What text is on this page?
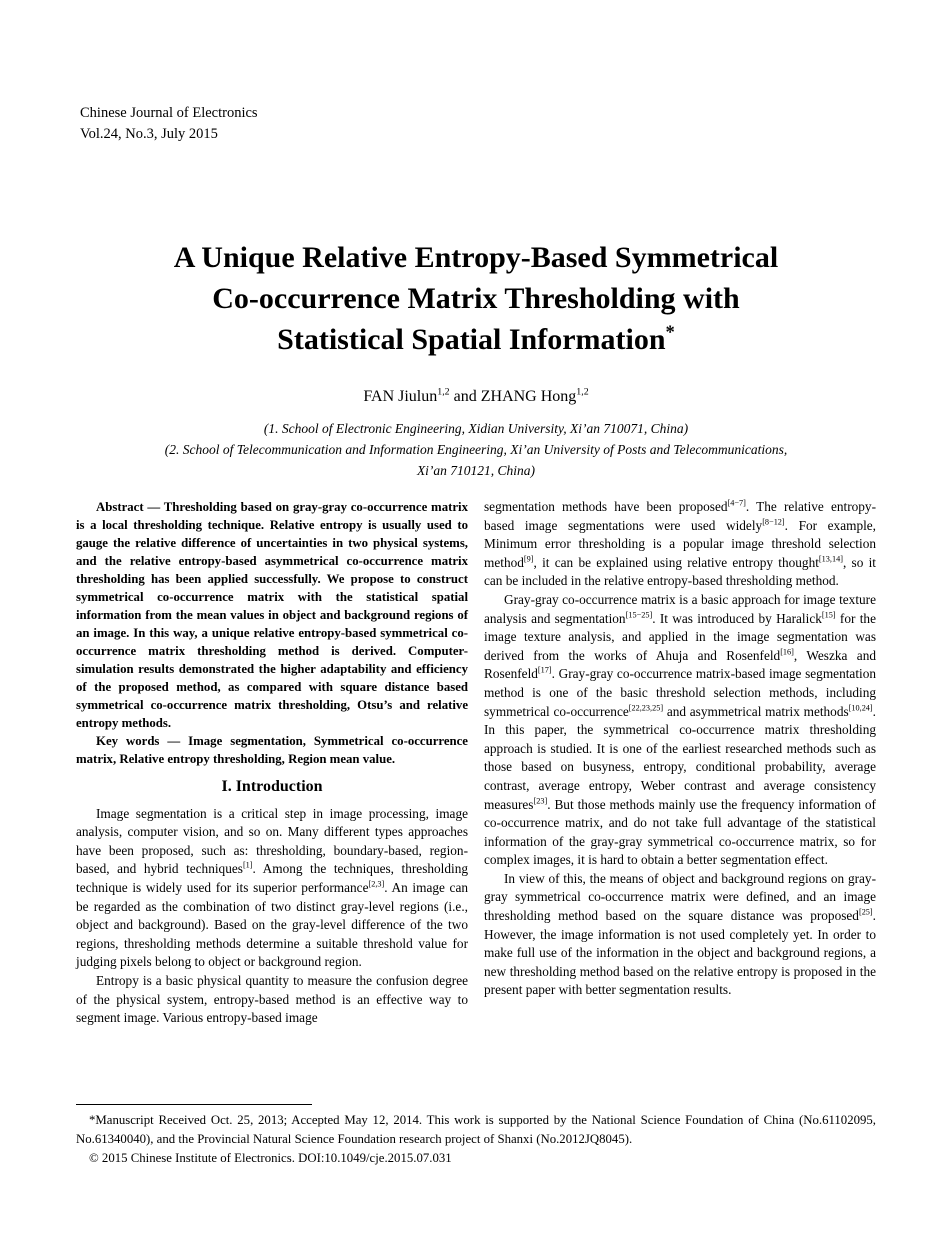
Chinese Journal of Electronics
Vol.24, No.3, July 2015
A Unique Relative Entropy-Based Symmetrical
Co-occurrence Matrix Thresholding with
Statistical Spatial Information*
FAN Jiulun$^{1,2}$ and ZHANG Hong$^{1,2}$
(1. School of Electronic Engineering, Xidian University, Xi’an 710071, China)
(2. School of Telecommunication and Information Engineering, Xi’an University of Posts and Telecommunications,
Xi’an 710121, China)

Abstract — Thresholding based on gray-gray co-occurrence matrix is a local thresholding technique. Relative entropy is usually used to gauge the relative difference of uncertainties in two physical systems, and the relative entropy-based asymmetrical co-occurrence matrix thresholding has been applied successfully. We propose to construct symmetrical co-occurrence matrix with the statistical spatial information from the mean values in object and background regions of an image. In this way, a unique relative entropy-based symmetrical co-occurrence matrix thresholding method is derived. Computer-simulation results demonstrated the higher adaptability and efficiency of the proposed method, as compared with square distance based symmetrical co-occurrence matrix thresholding, Otsu’s and relative entropy methods.

Key words — Image segmentation, Symmetrical co-occurrence matrix, Relative entropy thresholding, Region mean value.

I. Introduction

Image segmentation is a critical step in image processing, image analysis, computer vision, and so on. Many different types approaches have been proposed, such as: thresholding, boundary-based, region-based, and hybrid techniques[1]. Among the techniques, thresholding technique is widely used for its superior performance[2,3]. An image can be regarded as the combination of two distinct gray-level regions (i.e., object and background). Based on the gray-level difference of the two regions, thresholding methods determine a suitable threshold value for judging pixels belong to object or background region.

Entropy is a basic physical quantity to measure the confusion degree of the physical system, entropy-based method is an effective way to segment image. Various entropy-based image

segmentation methods have been proposed[4−7]. The relative entropy-based image segmentations were used widely[8−12]. For example, Minimum error thresholding is a popular image threshold selection method[9], it can be explained using relative entropy thought[13,14], so it can be included in the relative entropy-based thresholding method.

Gray-gray co-occurrence matrix is a basic approach for image texture analysis and segmentation[15−25]. It was introduced by Haralick[15] for the image texture analysis, and applied in the image segmentation was derived from the works of Ahuja and Rosenfeld[16], Weszka and Rosenfeld[17]. Gray-gray co-occurrence matrix-based image segmentation method is one of the basic threshold selection methods, including symmetrical co-occurrence[22,23,25] and asymmetrical matrix methods[10,24]. In this paper, the symmetrical co-occurrence matrix thresholding approach is studied. It is one of the earliest researched methods such as those based on busyness, entropy, conditional probability, average contrast, average entropy, Weber contrast and average consistency measures[23]. But those methods mainly use the frequency information of co-occurrence matrix, and do not take full advantage of the statistical information of the gray-gray symmetrical co-occurrence matrix, so for complex images, it is hard to obtain a better segmentation effect.

In view of this, the means of object and background regions on gray-gray symmetrical co-occurrence matrix were defined, and an image thresholding method based on the square distance was proposed[25]. However, the image information is not used completely yet. In order to make full use of the information in the object and background regions, a new thresholding method based on the relative entropy is proposed in the present paper with better segmentation results.

*Manuscript Received Oct. 25, 2013; Accepted May 12, 2014. This work is supported by the National Science Foundation of China (No.61102095, No.61340040), and the Provincial Natural Science Foundation research project of Shanxi (No.2012JQ8045).

© 2015 Chinese Institute of Electronics. DOI:10.1049/cje.2015.07.031
